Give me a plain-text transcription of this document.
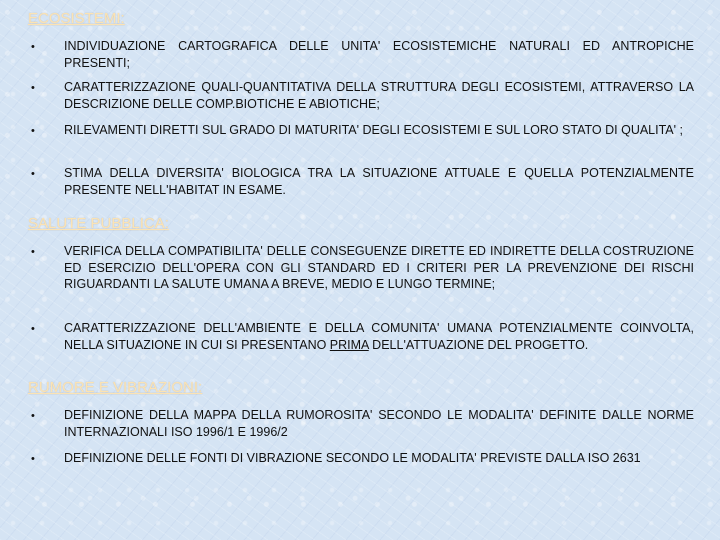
ECOSISTEMI:
• INDIVIDUAZIONE CARTOGRAFICA DELLE UNITA' ECOSISTEMICHE NATURALI ED ANTROPICHE PRESENTI;
• CARATTERIZZAZIONE QUALI-QUANTITATIVA DELLA STRUTTURA DEGLI ECOSISTEMI, ATTRAVERSO LA DESCRIZIONE DELLE COMP.BIOTICHE E ABIOTICHE;
• RILEVAMENTI DIRETTI SUL GRADO DI MATURITA' DEGLI ECOSISTEMI E SUL LORO STATO DI QUALITA' ;
• STIMA DELLA DIVERSITA' BIOLOGICA TRA LA SITUAZIONE ATTUALE E QUELLA POTENZIALMENTE PRESENTE NELL'HABITAT IN ESAME.
SALUTE PUBBLICA:
• VERIFICA DELLA COMPATIBILITA' DELLE CONSEGUENZE DIRETTE ED INDIRETTE DELLA COSTRUZIONE ED ESERCIZIO DELL'OPERA CON GLI STANDARD ED I CRITERI PER LA PREVENZIONE DEI RISCHI RIGUARDANTI LA SALUTE UMANA A BREVE, MEDIO E LUNGO TERMINE;
• CARATTERIZZAZIONE DELL'AMBIENTE E DELLA COMUNITA' UMANA POTENZIALMENTE COINVOLTA, NELLA SITUAZIONE IN CUI SI PRESENTANO PRIMA DELL'ATTUAZIONE DEL PROGETTO.
RUMORE E VIBRAZIONI:
• DEFINIZIONE DELLA MAPPA DELLA RUMOROSITA' SECONDO LE MODALITA' DEFINITE DALLE NORME INTERNAZIONALI ISO 1996/1 E 1996/2
• DEFINIZIONE DELLE FONTI DI VIBRAZIONE SECONDO LE MODALITA' PREVISTE DALLA ISO 2631
